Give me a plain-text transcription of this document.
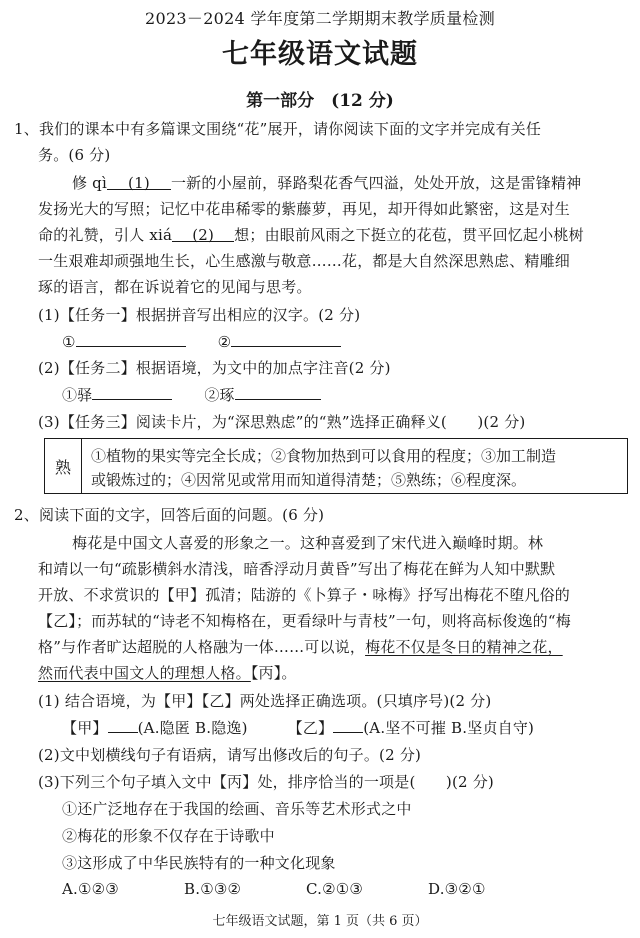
2023－2024 学年度第二学期期末教学质量检测
七年级语文试题
第一部分　(12 分)
1、我们的课本中有多篇课文围绕“花”展开，请你阅读下面的文字并完成有关任
务。(6 分)
修 qì (1) 一新的小屋前，驿路梨花香气四溢，处处开放，这是雷锋精神
发扬光大的写照；记忆中花串稀零的紫藤萝，再见，却开得如此繁密，这是对生
命的礼赞，引人 xiá (2) 想；由眼前风雨之下挺立的花苞，贯平回忆起小桃树
一生艰难却顽强地生长，心生感激与敬意……花，都是大自然深思熟虑、精雕细
琢的语言，都在诉说着它的见闻与思考。
(1)【任务一】根据拼音写出相应的汉字。(2 分)
①	②
(2)【任务二】根据语境，为文中的加点字注音(2 分)
①驿	②琢
(3)【任务三】阅读卡片，为“深思熟虑”的“熟”选择正确释义(　　)(2 分)
熟
①植物的果实等完全长成；②食物加热到可以食用的程度；③加工制造
或锻炼过的；④因常见或常用而知道得清楚；⑤熟练；⑥程度深。
2、阅读下面的文字，回答后面的问题。(6 分)
梅花是中国文人喜爱的形象之一。这种喜爱到了宋代进入巅峰时期。林
和靖以一句“疏影横斜水清浅，暗香浮动月黄昏”写出了梅花在鲜为人知中默默
开放、不求赏识的【甲】孤清；陆游的《卜算子・咏梅》抒写出梅花不堕凡俗的
【乙】；而苏轼的“诗老不知梅格在，更看绿叶与青枝”一句，则将高标俊逸的“梅
格”与作者旷达超脱的人格融为一体……可以说，梅花不仅是冬日的精神之花，
然而代表中国文人的理想人格。【丙】。
(1) 结合语境，为【甲】【乙】两处选择正确选项。(只填序号)(2 分)
【甲】 (A.隐匿 B.隐逸)	【乙】 (A.坚不可摧 B.坚贞自守)
(2)文中划横线句子有语病，请写出修改后的句子。(2 分)
(3)下列三个句子填入文中【丙】处，排序恰当的一项是(　　)(2 分)
①还广泛地存在于我国的绘画、音乐等艺术形式之中
②梅花的形象不仅存在于诗歌中
③这形成了中华民族特有的一种文化现象
A.①②③	B.①③②	C.②①③	D.③②①
七年级语文试题，第 1 页（共 6 页）
